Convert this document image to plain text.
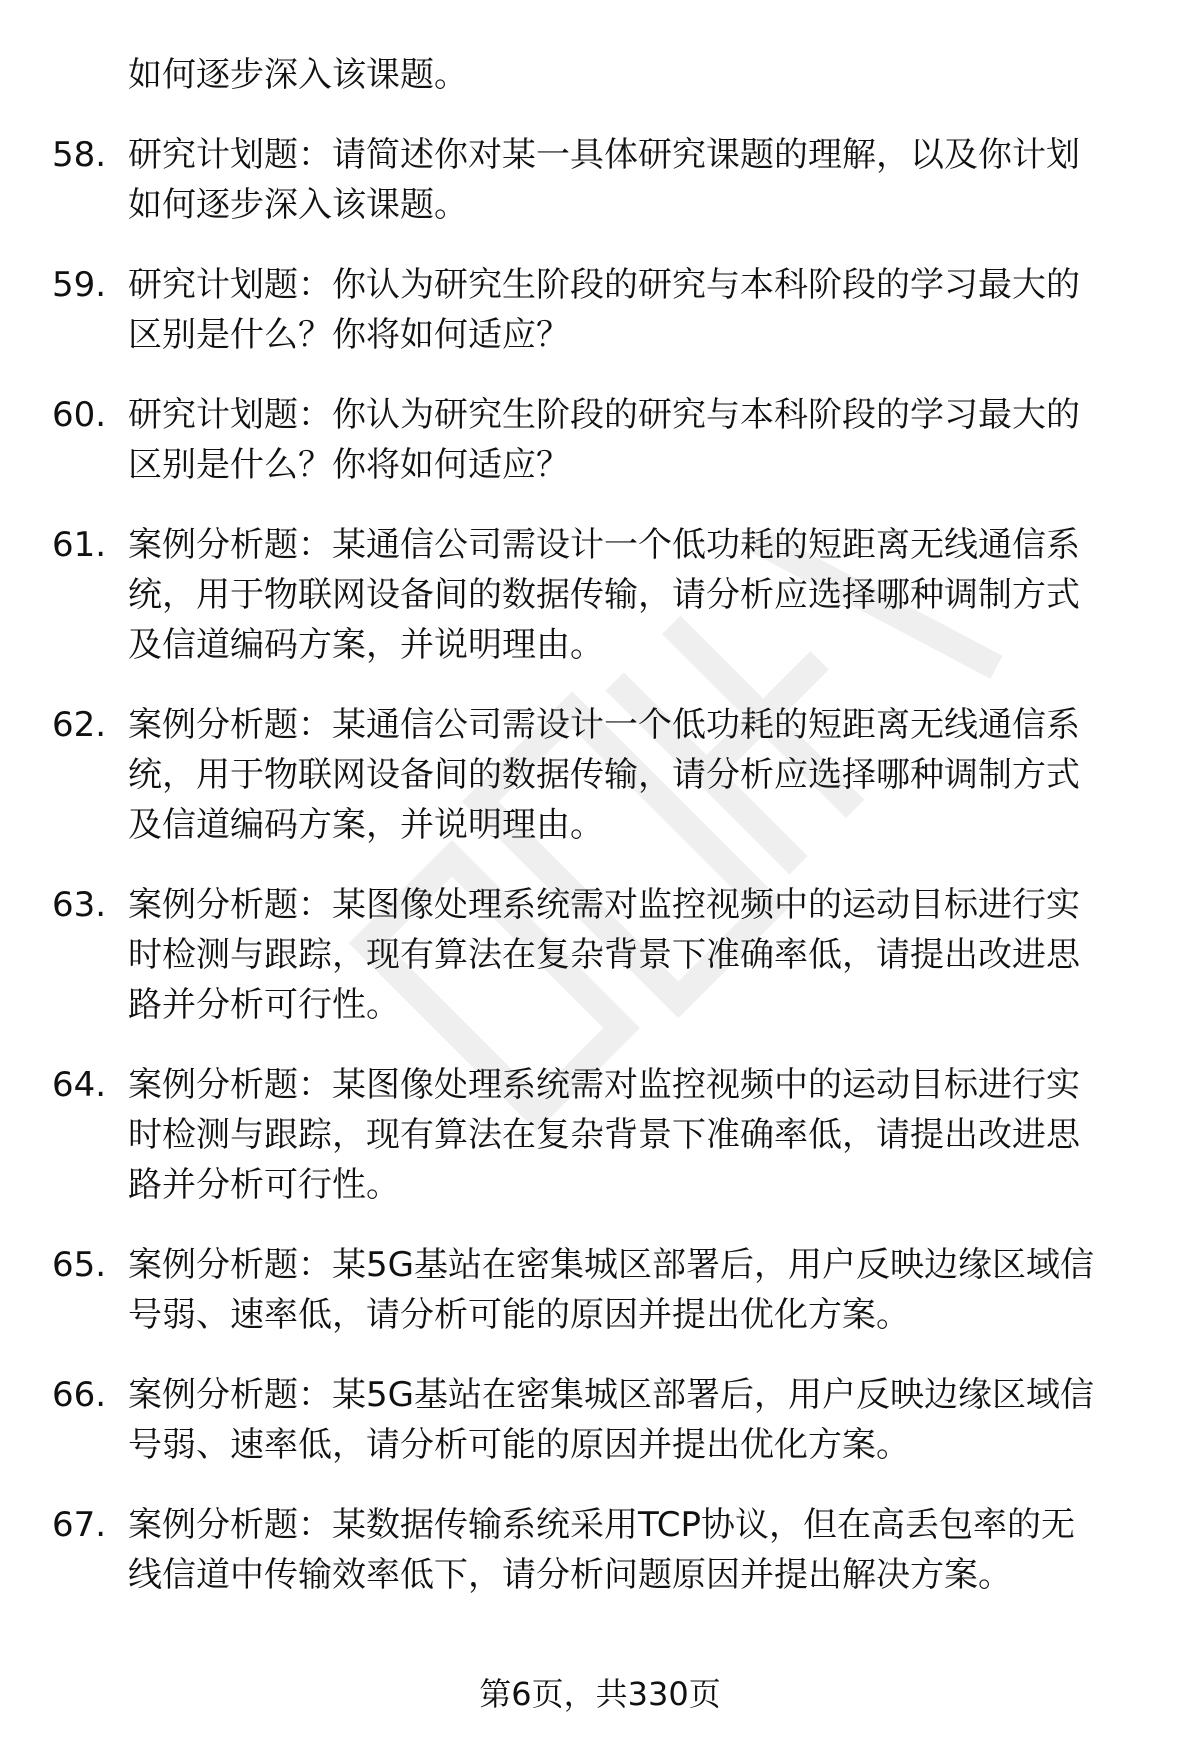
如何逐步深入该课题。
58. 研究计划题：请简述你对某一具体研究课题的理解，以及你计划
如何逐步深入该课题。
59. 研究计划题：你认为研究生阶段的研究与本科阶段的学习最大的
区别是什么？你将如何适应？
60. 研究计划题：你认为研究生阶段的研究与本科阶段的学习最大的
区别是什么？你将如何适应？
61. 案例分析题：某通信公司需设计一个低功耗的短距离无线通信系
统，用于物联网设备间的数据传输，请分析应选择哪种调制方式
及信道编码方案，并说明理由。
62. 案例分析题：某通信公司需设计一个低功耗的短距离无线通信系
统，用于物联网设备间的数据传输，请分析应选择哪种调制方式
及信道编码方案，并说明理由。
63. 案例分析题：某图像处理系统需对监控视频中的运动目标进行实
时检测与跟踪，现有算法在复杂背景下准确率低，请提出改进思
路并分析可行性。
64. 案例分析题：某图像处理系统需对监控视频中的运动目标进行实
时检测与跟踪，现有算法在复杂背景下准确率低，请提出改进思
路并分析可行性。
65. 案例分析题：某5G基站在密集城区部署后，用户反映边缘区域信
号弱、速率低，请分析可能的原因并提出优化方案。
66. 案例分析题：某5G基站在密集城区部署后，用户反映边缘区域信
号弱、速率低，请分析可能的原因并提出优化方案。
67. 案例分析题：某数据传输系统采用TCP协议，但在高丢包率的无
线信道中传输效率低下，请分析问题原因并提出解决方案。
第6页，共330页
